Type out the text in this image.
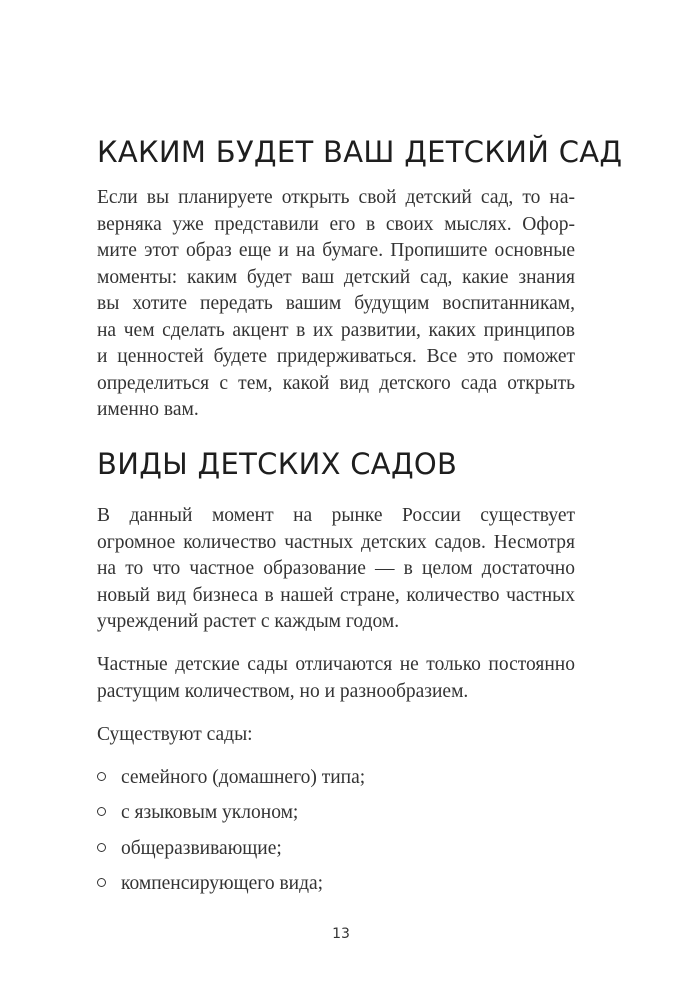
КАКИМ БУДЕТ ВАШ ДЕТСКИЙ САД
Если вы планируете открыть свой детский сад, то на-
верняка уже представили его в своих мыслях. Офор-
мите этот образ еще и на бумаге. Пропишите основные
моменты: каким будет ваш детский сад, какие знания
вы хотите передать вашим будущим воспитанникам,
на чем сделать акцент в их развитии, каких принципов
и ценностей будете придерживаться. Все это поможет
определиться с тем, какой вид детского сада открыть
именно вам.
ВИДЫ ДЕТСКИХ САДОВ
В данный момент на рынке России существует
огромное количество частных детских садов. Несмотря
на то что частное образование — в целом достаточно
новый вид бизнеса в нашей стране, количество частных
учреждений растет с каждым годом.
Частные детские сады отличаются не только постоянно
растущим количеством, но и разнообразием.
Существуют сады:
семейного (домашнего) типа;
с языковым уклоном;
общеразвивающие;
компенсирующего вида;
13
